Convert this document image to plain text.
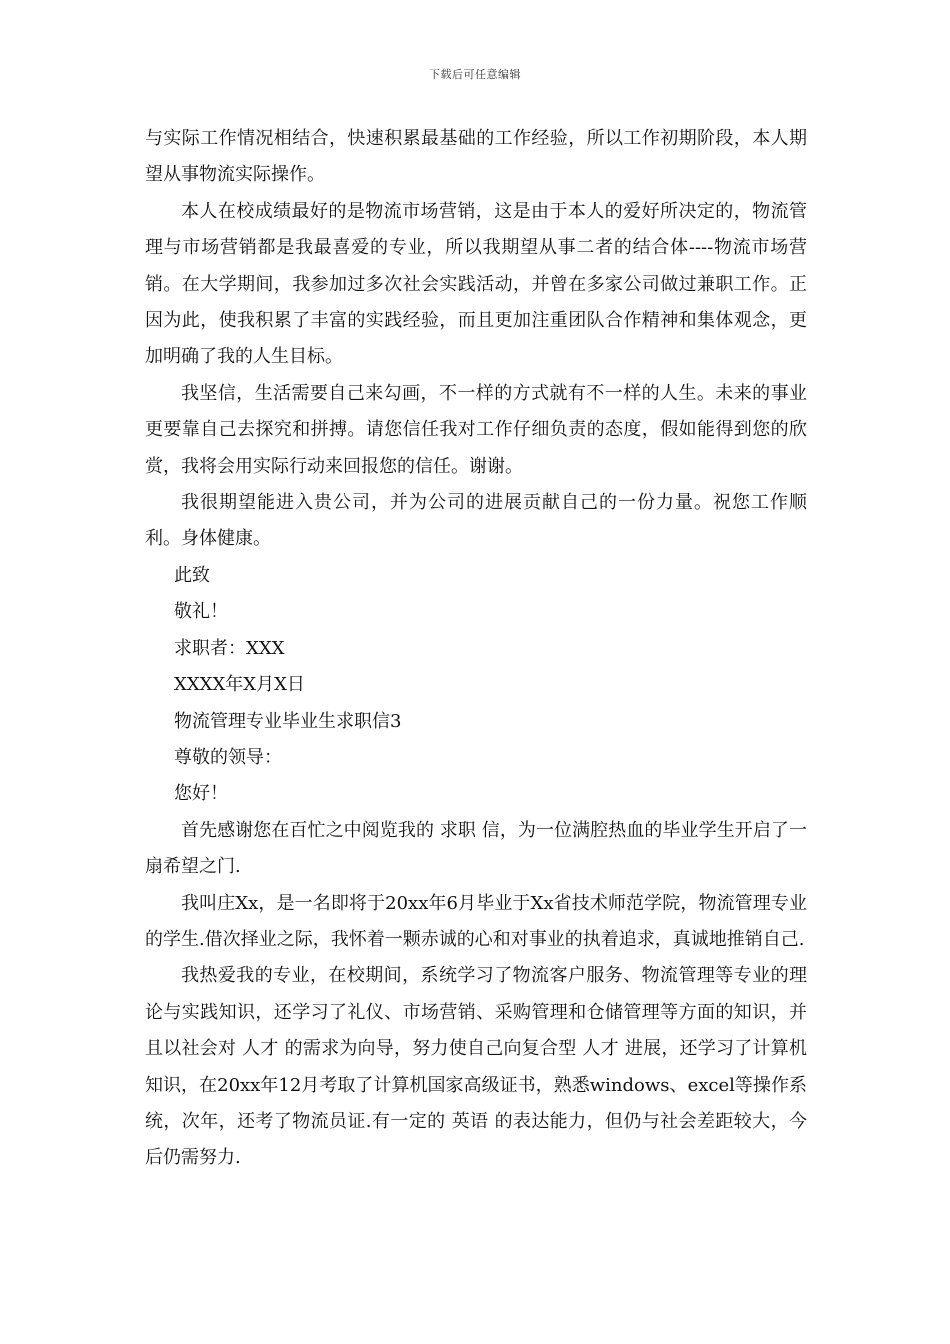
下载后可任意编辑

与实际工作情况相结合，快速积累最基础的工作经验，所以工作初期阶段，本人期望从事物流实际操作。

本人在校成绩最好的是物流市场营销，这是由于本人的爱好所决定的，物流管理与市场营销都是我最喜爱的专业，所以我期望从事二者的结合体----物流市场营销。在大学期间，我参加过多次社会实践活动，并曾在多家公司做过兼职工作。正因为此，使我积累了丰富的实践经验，而且更加注重团队合作精神和集体观念，更加明确了我的人生目标。

我坚信，生活需要自己来勾画，不一样的方式就有不一样的人生。未来的事业更要靠自己去探究和拼搏。请您信任我对工作仔细负责的态度，假如能得到您的欣赏，我将会用实际行动来回报您的信任。谢谢。

我很期望能进入贵公司，并为公司的进展贡献自己的一份力量。祝您工作顺利。身体健康。

此致

敬礼！

求职者：XXX

XXXX年X月X日

物流管理专业毕业生求职信3

尊敬的领导：

您好！

首先感谢您在百忙之中阅览我的 求职 信，为一位满腔热血的毕业学生开启了一扇希望之门.

我叫庄Xx，是一名即将于20xx年6月毕业于Xx省技术师范学院，物流管理专业的学生.借次择业之际，我怀着一颗赤诚的心和对事业的执着追求，真诚地推销自己.

我热爱我的专业，在校期间，系统学习了物流客户服务、物流管理等专业的理论与实践知识，还学习了礼仪、市场营销、采购管理和仓储管理等方面的知识，并且以社会对 人才 的需求为向导，努力使自己向复合型 人才 进展，还学习了计算机知识，在20xx年12月考取了计算机国家高级证书，熟悉windows、excel等操作系统，次年，还考了物流员证.有一定的 英语 的表达能力，但仍与社会差距较大，今后仍需努力.
